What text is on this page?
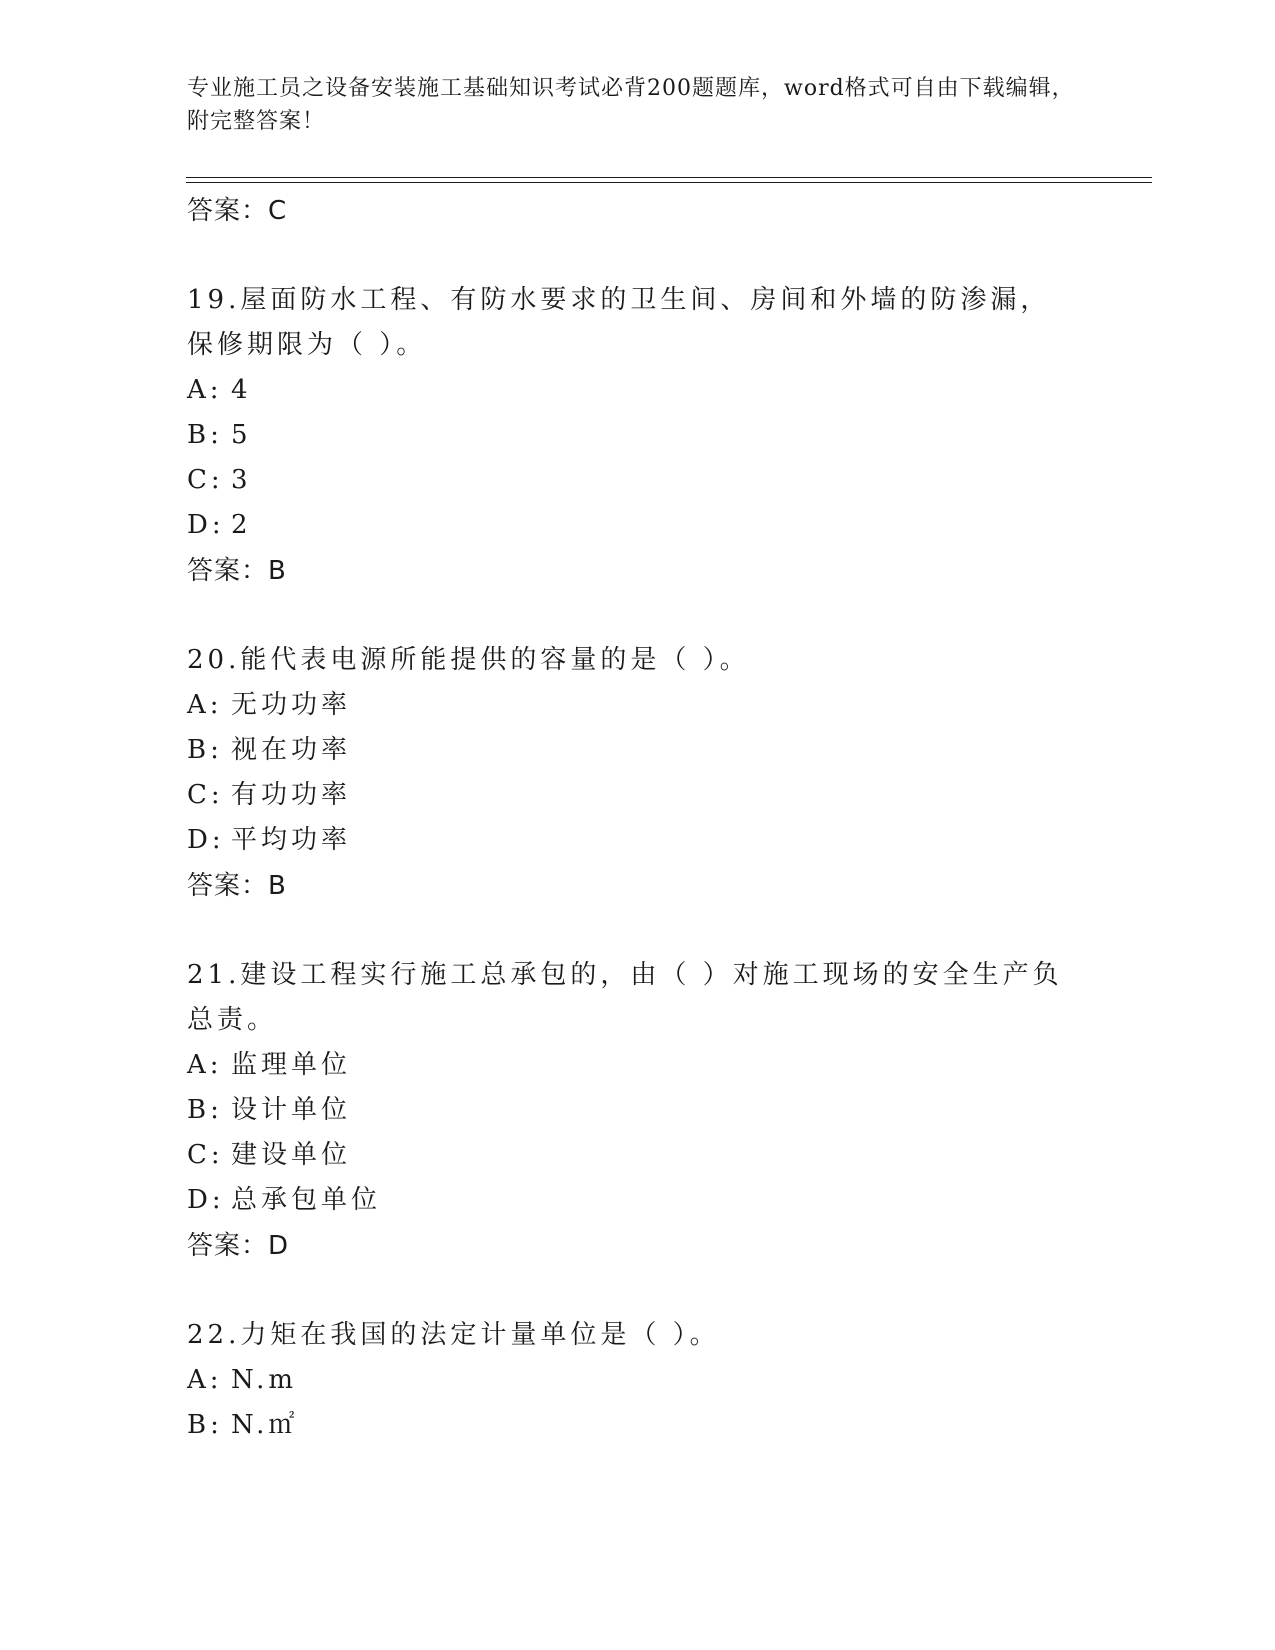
专业施工员之设备安装施工基础知识考试必背200题题库，word格式可自由下载编辑，附完整答案！
答案：C
19.屋面防水工程、有防水要求的卫生间、房间和外墙的防渗漏，保修期限为（ ）。
A: 4
B: 5
C: 3
D: 2
答案：B
20.能代表电源所能提供的容量的是（ ）。
A: 无功功率
B: 视在功率
C: 有功功率
D: 平均功率
答案：B
21.建设工程实行施工总承包的，由（ ）对施工现场的安全生产负总责。
A: 监理单位
B: 设计单位
C: 建设单位
D: 总承包单位
答案：D
22.力矩在我国的法定计量单位是（ ）。
A: N.m
B: N.㎡
